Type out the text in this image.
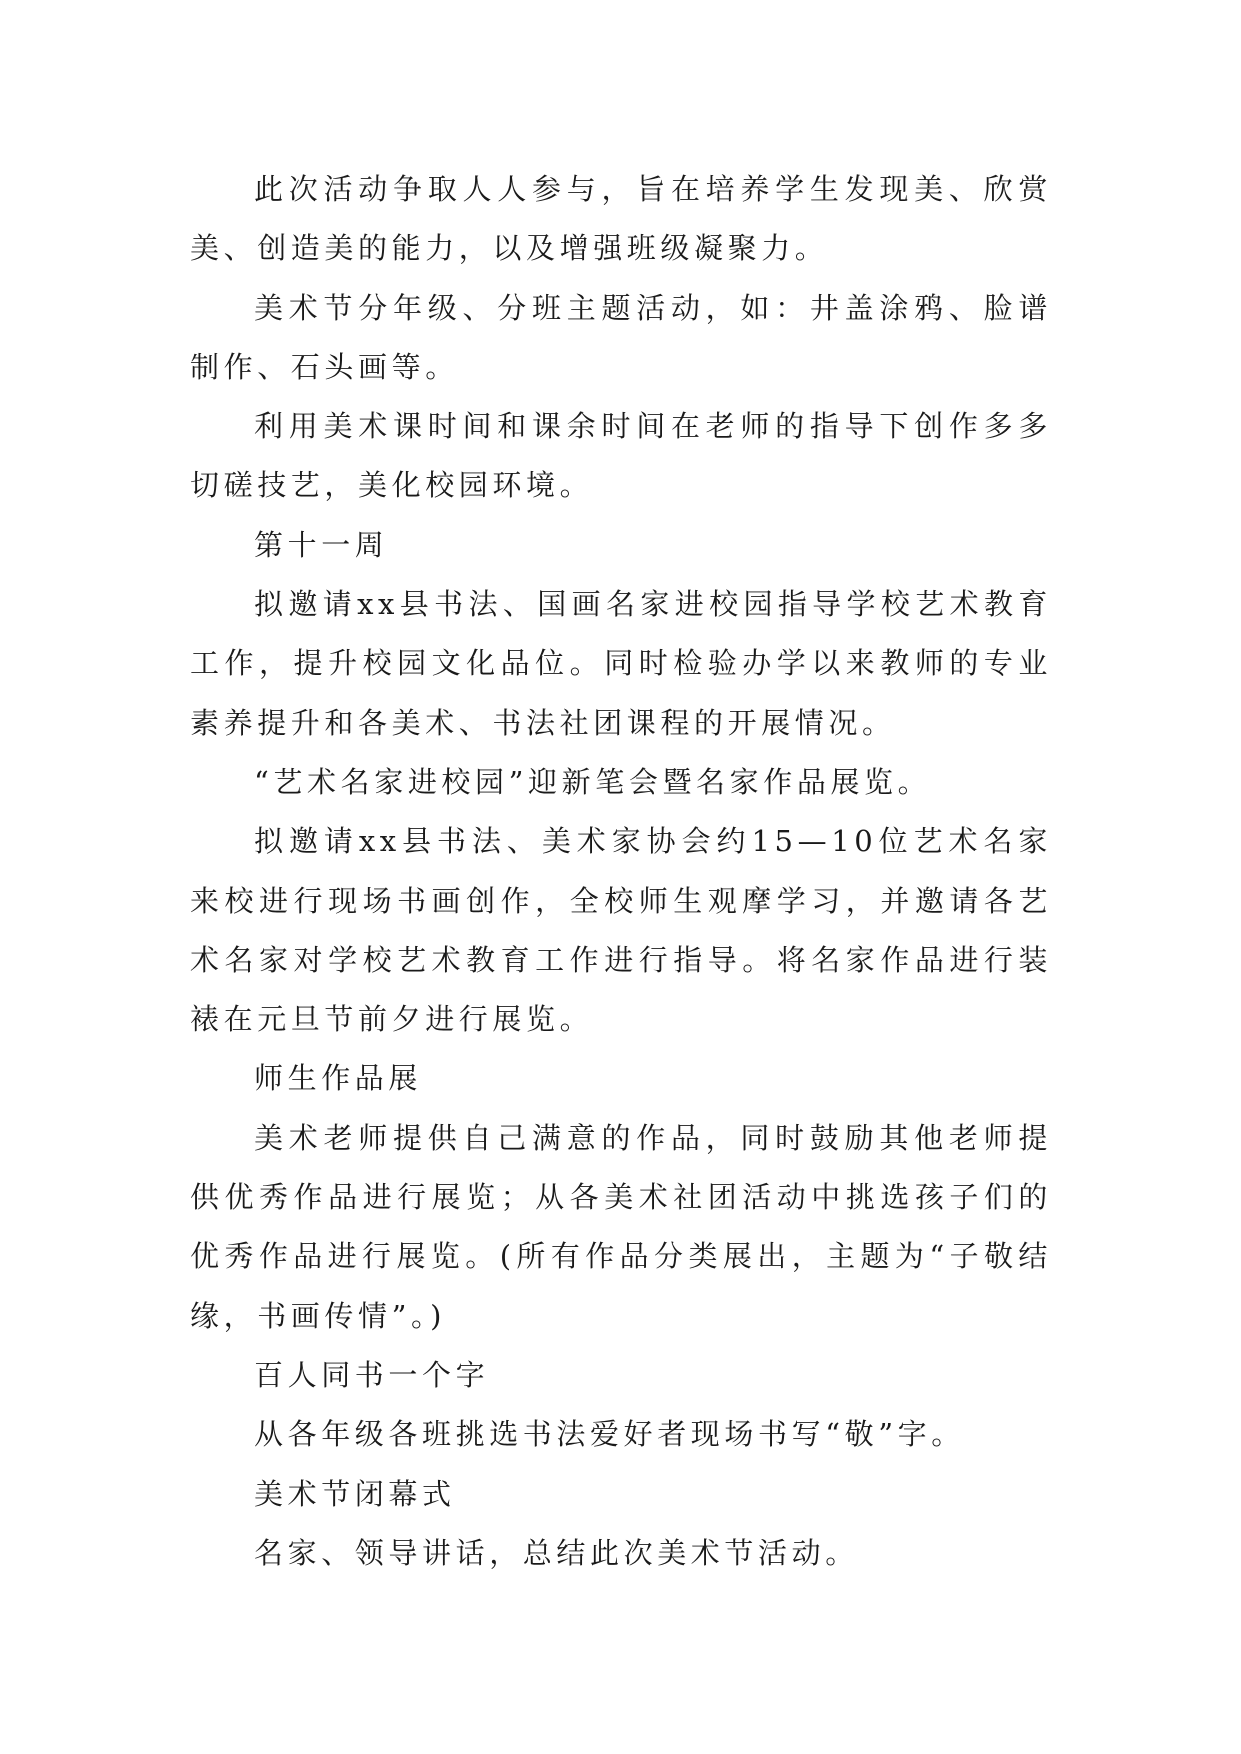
此次活动争取人人参与，旨在培养学生发现美、欣赏美、创造美的能力，以及增强班级凝聚力。

美术节分年级、分班主题活动，如：井盖涂鸦、脸谱制作、石头画等。

利用美术课时间和课余时间在老师的指导下创作多多切磋技艺，美化校园环境。

第十一周

拟邀请xx县书法、国画名家进校园指导学校艺术教育工作，提升校园文化品位。同时检验办学以来教师的专业素养提升和各美术、书法社团课程的开展情况。

“艺术名家进校园”迎新笔会暨名家作品展览。

拟邀请xx县书法、美术家协会约15—10位艺术名家来校进行现场书画创作，全校师生观摩学习，并邀请各艺术名家对学校艺术教育工作进行指导。将名家作品进行装裱在元旦节前夕进行展览。

师生作品展

美术老师提供自己满意的作品，同时鼓励其他老师提供优秀作品进行展览；从各美术社团活动中挑选孩子们的优秀作品进行展览。(所有作品分类展出，主题为“子敬结缘，书画传情”。)

百人同书一个字

从各年级各班挑选书法爱好者现场书写“敬”字。

美术节闭幕式

名家、领导讲话，总结此次美术节活动。
